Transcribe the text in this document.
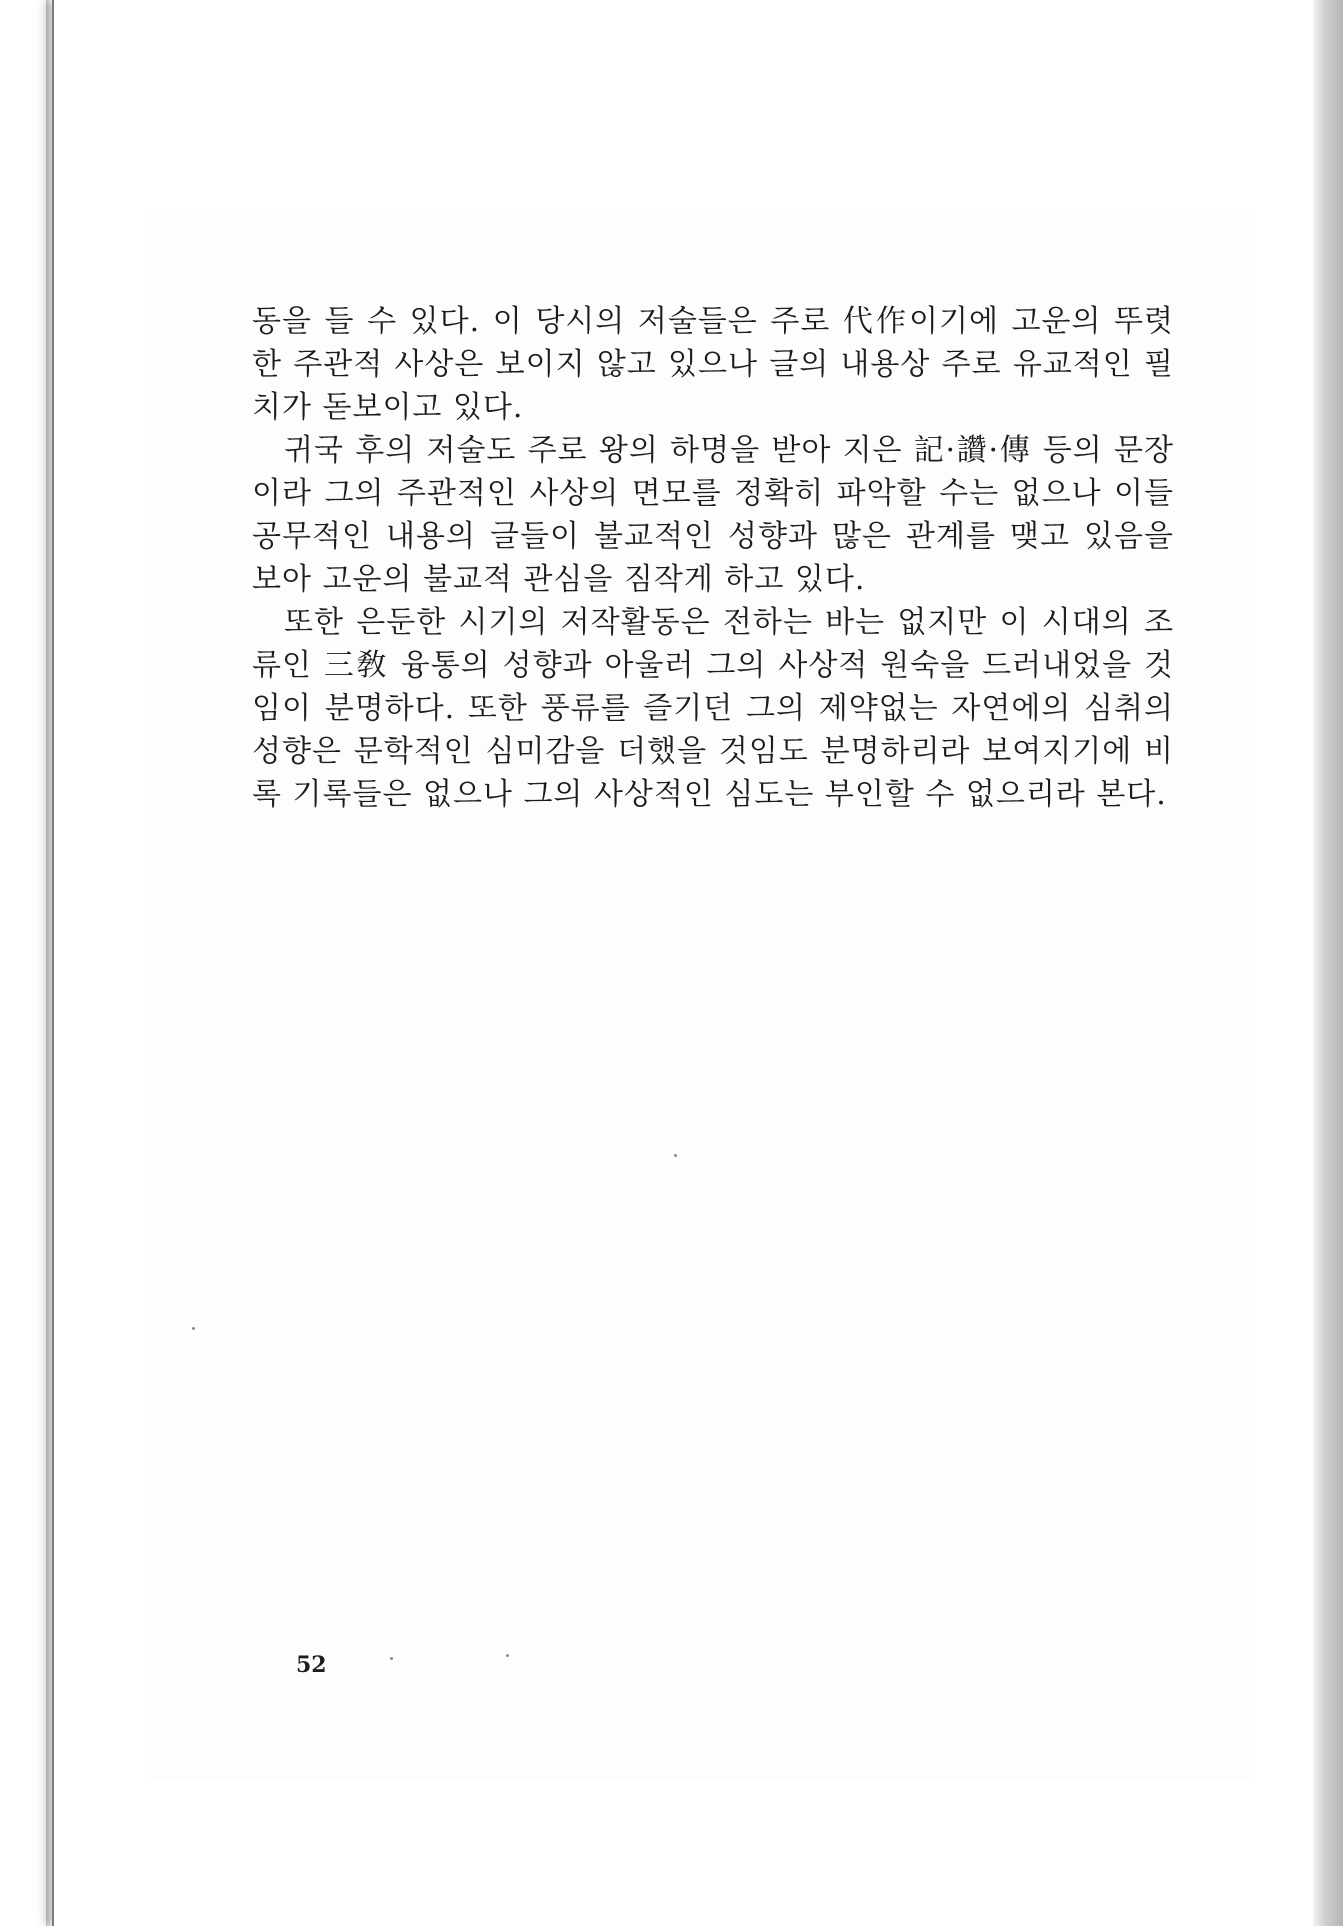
동을 들 수 있다. 이 당시의 저술들은 주로 代作이기에 고운의 뚜렷한 주관적 사상은 보이지 않고 있으나 글의 내용상 주로 유교적인 필치가 돋보이고 있다.

귀국 후의 저술도 주로 왕의 하명을 받아 지은 記·讚·傳 등의 문장이라 그의 주관적인 사상의 면모를 정확히 파악할 수는 없으나 이들 공무적인 내용의 글들이 불교적인 성향과 많은 관계를 맺고 있음을 보아 고운의 불교적 관심을 짐작게 하고 있다.

또한 은둔한 시기의 저작활동은 전하는 바는 없지만 이 시대의 조류인 三敎 융통의 성향과 아울러 그의 사상적 원숙을 드러내었을 것임이 분명하다. 또한 풍류를 즐기던 그의 제약없는 자연에의 심취의 성향은 문학적인 심미감을 더했을 것임도 분명하리라 보여지기에 비록 기록들은 없으나 그의 사상적인 심도는 부인할 수 없으리라 본다.

52
